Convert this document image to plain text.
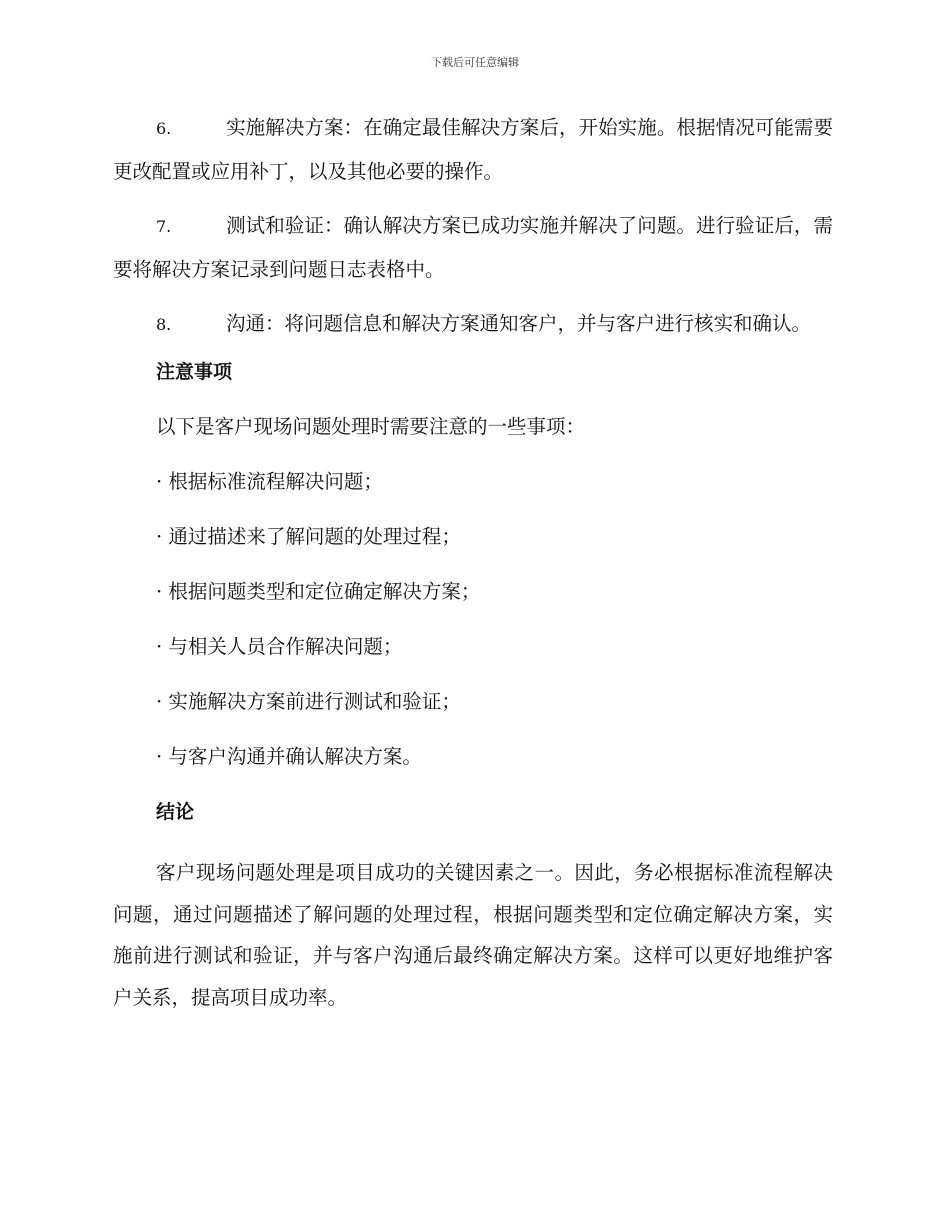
下载后可任意编辑

6.	实施解决方案：在确定最佳解决方案后，开始实施。根据情况可能需要更改配置或应用补丁，以及其他必要的操作。

7.	测试和验证：确认解决方案已成功实施并解决了问题。进行验证后，需要将解决方案记录到问题日志表格中。

8.	沟通：将问题信息和解决方案通知客户，并与客户进行核实和确认。

注意事项
以下是客户现场问题处理时需要注意的一些事项：
· 根据标准流程解决问题；
· 通过描述来了解问题的处理过程；
· 根据问题类型和定位确定解决方案；
· 与相关人员合作解决问题；
· 实施解决方案前进行测试和验证；
· 与客户沟通并确认解决方案。
结论

客户现场问题处理是项目成功的关键因素之一。因此，务必根据标准流程解决问题，通过问题描述了解问题的处理过程，根据问题类型和定位确定解决方案，实施前进行测试和验证，并与客户沟通后最终确定解决方案。这样可以更好地维护客户关系，提高项目成功率。
